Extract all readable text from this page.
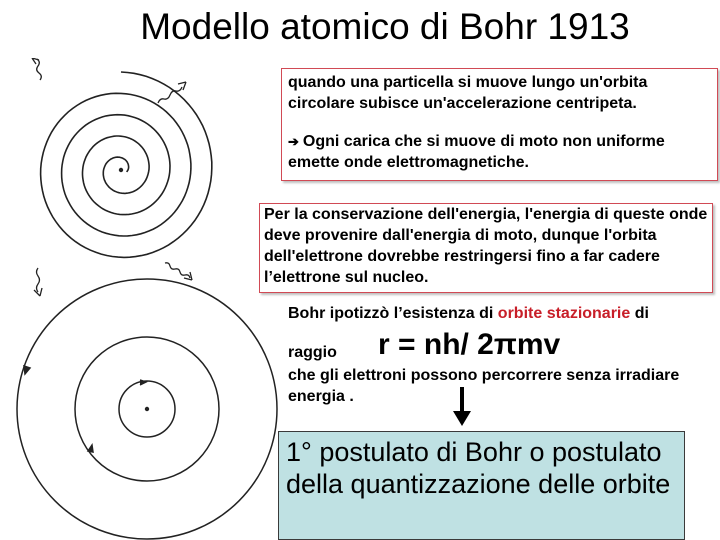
Modello atomico di Bohr 1913
quando una particella si muove lungo un'orbita circolare subisce un'accelerazione centripeta.
➔ Ogni carica che si muove di moto non uniforme emette onde elettromagnetiche.
Per la conservazione dell'energia, l'energia di queste onde deve provenire dall'energia di moto, dunque l'orbita dell'elettrone dovrebbe restringersi fino a far cadere l’elettrone sul nucleo.
Bohr ipotizzò l’esistenza di orbite stazionarie di
raggio r = nh/ 2πmv
che gli elettroni possono percorrere senza irradiare energia .
1° postulato di Bohr o postulato della quantizzazione delle orbite
